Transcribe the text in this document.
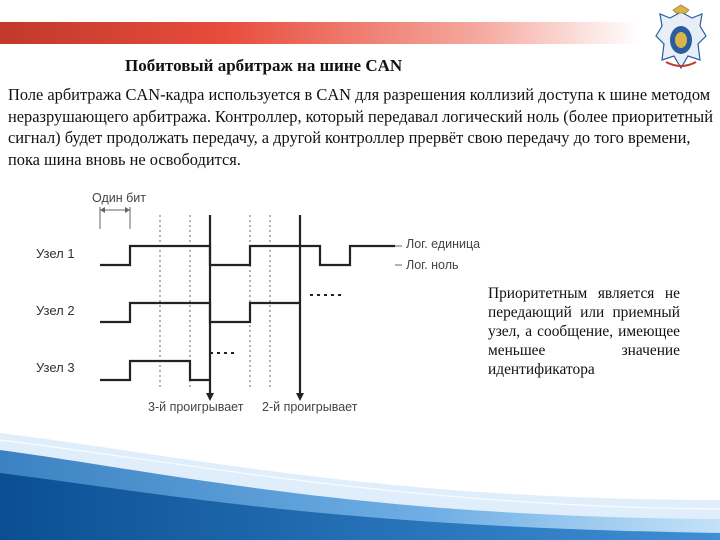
Побитовый арбитраж на шине CAN

Поле арбитража CAN-кадра используется в CAN для разрешения коллизий доступа к шине методом неразрушающего арбитража. Контроллер, который передавал логический ноль (более приоритетный сигнал) будет продолжать передачу, а другой контроллер прервёт свою передачу до того времени, пока шина вновь не освободится.

Один бит
Узел 1
Узел 2
Узел 3
3-й проигрывает 2-й проигрывает
Лог. единица
Лог. ноль

Приоритетным является не передающий или приемный узел, а сообщение, имеющее меньшее значение идентификатора
